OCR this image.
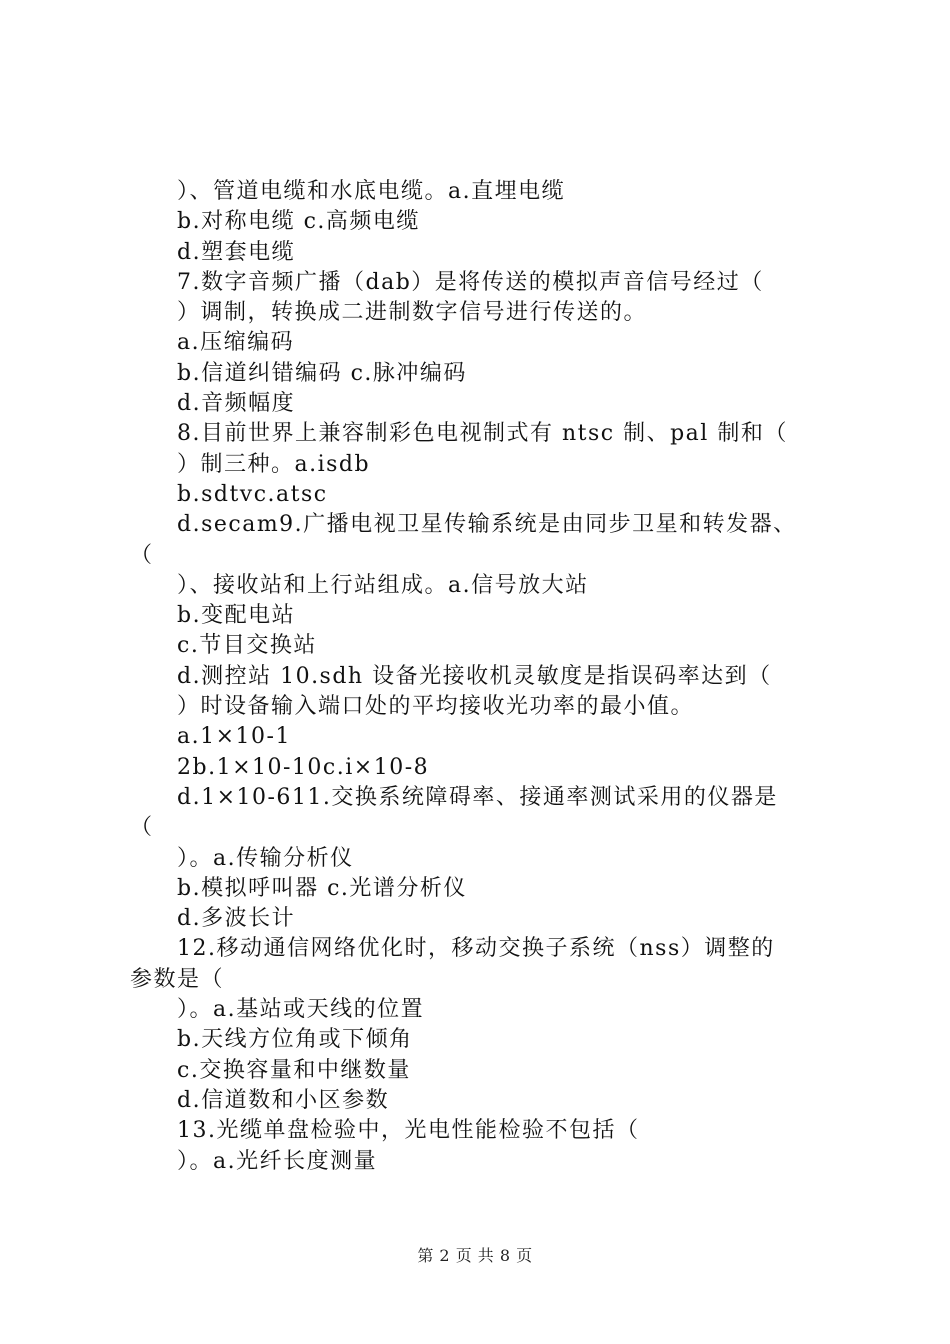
）、管道电缆和水底电缆。a.直埋电缆
b.对称电缆 c.高频电缆
d.塑套电缆
7.数字音频广播（dab）是将传送的模拟声音信号经过（
）调制，转换成二进制数字信号进行传送的。
a.压缩编码
b.信道纠错编码 c.脉冲编码
d.音频幅度
8.目前世界上兼容制彩色电视制式有 ntsc 制、pal 制和（
）制三种。a.isdb
b.sdtvc.atsc
d.secam9.广播电视卫星传输系统是由同步卫星和转发器、
（
）、接收站和上行站组成。a.信号放大站
b.变配电站
c.节目交换站
d.测控站 10.sdh 设备光接收机灵敏度是指误码率达到（
）时设备输入端口处的平均接收光功率的最小值。
a.1×10-1
2b.1×10-10c.i×10-8
d.1×10-611.交换系统障碍率、接通率测试采用的仪器是
（
）。a.传输分析仪
b.模拟呼叫器 c.光谱分析仪
d.多波长计
12.移动通信网络优化时，移动交换子系统（nss）调整的
参数是（
）。a.基站或天线的位置
b.天线方位角或下倾角
c.交换容量和中继数量
d.信道数和小区参数
13.光缆单盘检验中，光电性能检验不包括（
）。a.光纤长度测量
第 2 页 共 8 页
